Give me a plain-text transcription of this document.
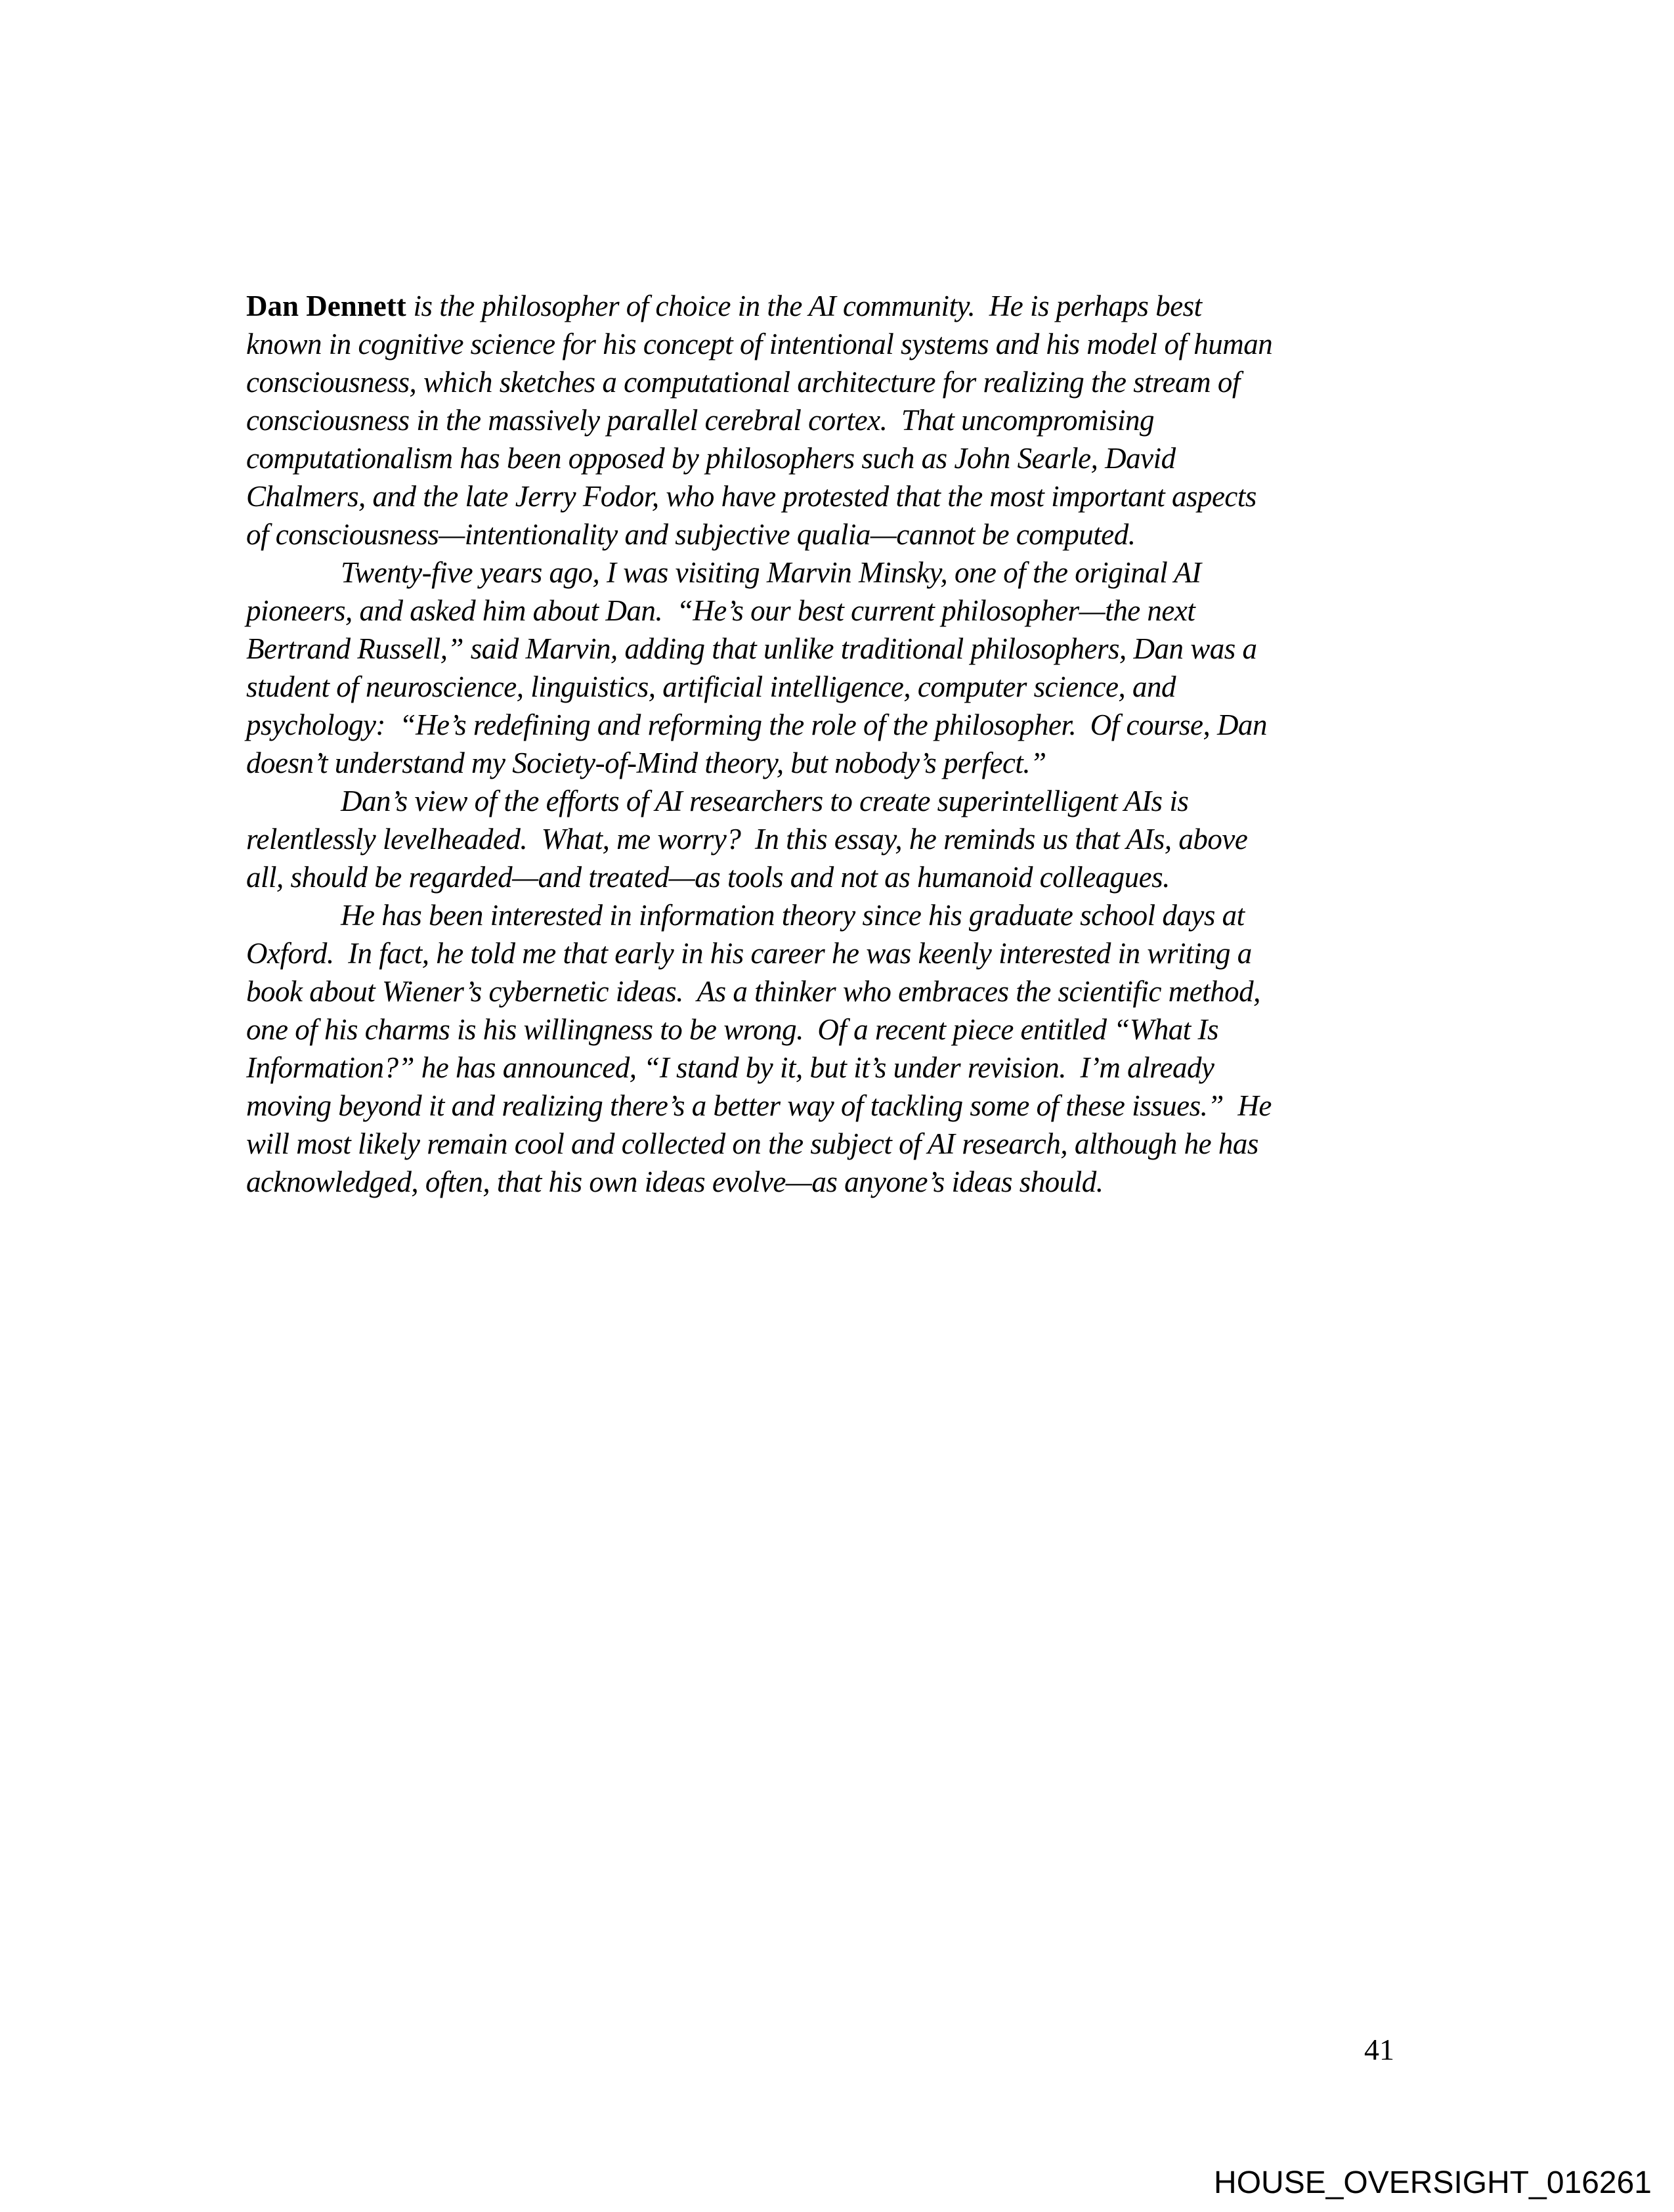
Dan Dennett is the philosopher of choice in the AI community.  He is perhaps best
known in cognitive science for his concept of intentional systems and his model of human
consciousness, which sketches a computational architecture for realizing the stream of
consciousness in the massively parallel cerebral cortex.  That uncompromising
computationalism has been opposed by philosophers such as John Searle, David
Chalmers, and the late Jerry Fodor, who have protested that the most important aspects
of consciousness—intentionality and subjective qualia—cannot be computed.
Twenty-five years ago, I was visiting Marvin Minsky, one of the original AI
pioneers, and asked him about Dan.  “He’s our best current philosopher—the next
Bertrand Russell,” said Marvin, adding that unlike traditional philosophers, Dan was a
student of neuroscience, linguistics, artificial intelligence, computer science, and
psychology:  “He’s redefining and reforming the role of the philosopher.  Of course, Dan
doesn’t understand my Society-of-Mind theory, but nobody’s perfect.”
Dan’s view of the efforts of AI researchers to create superintelligent AIs is
relentlessly levelheaded.  What, me worry?  In this essay, he reminds us that AIs, above
all, should be regarded—and treated—as tools and not as humanoid colleagues.
He has been interested in information theory since his graduate school days at
Oxford.  In fact, he told me that early in his career he was keenly interested in writing a
book about Wiener’s cybernetic ideas.  As a thinker who embraces the scientific method,
one of his charms is his willingness to be wrong.  Of a recent piece entitled “What Is
Information?” he has announced, “I stand by it, but it’s under revision.  I’m already
moving beyond it and realizing there’s a better way of tackling some of these issues.”  He
will most likely remain cool and collected on the subject of AI research, although he has
acknowledged, often, that his own ideas evolve—as anyone’s ideas should.
41
HOUSE_OVERSIGHT_016261
